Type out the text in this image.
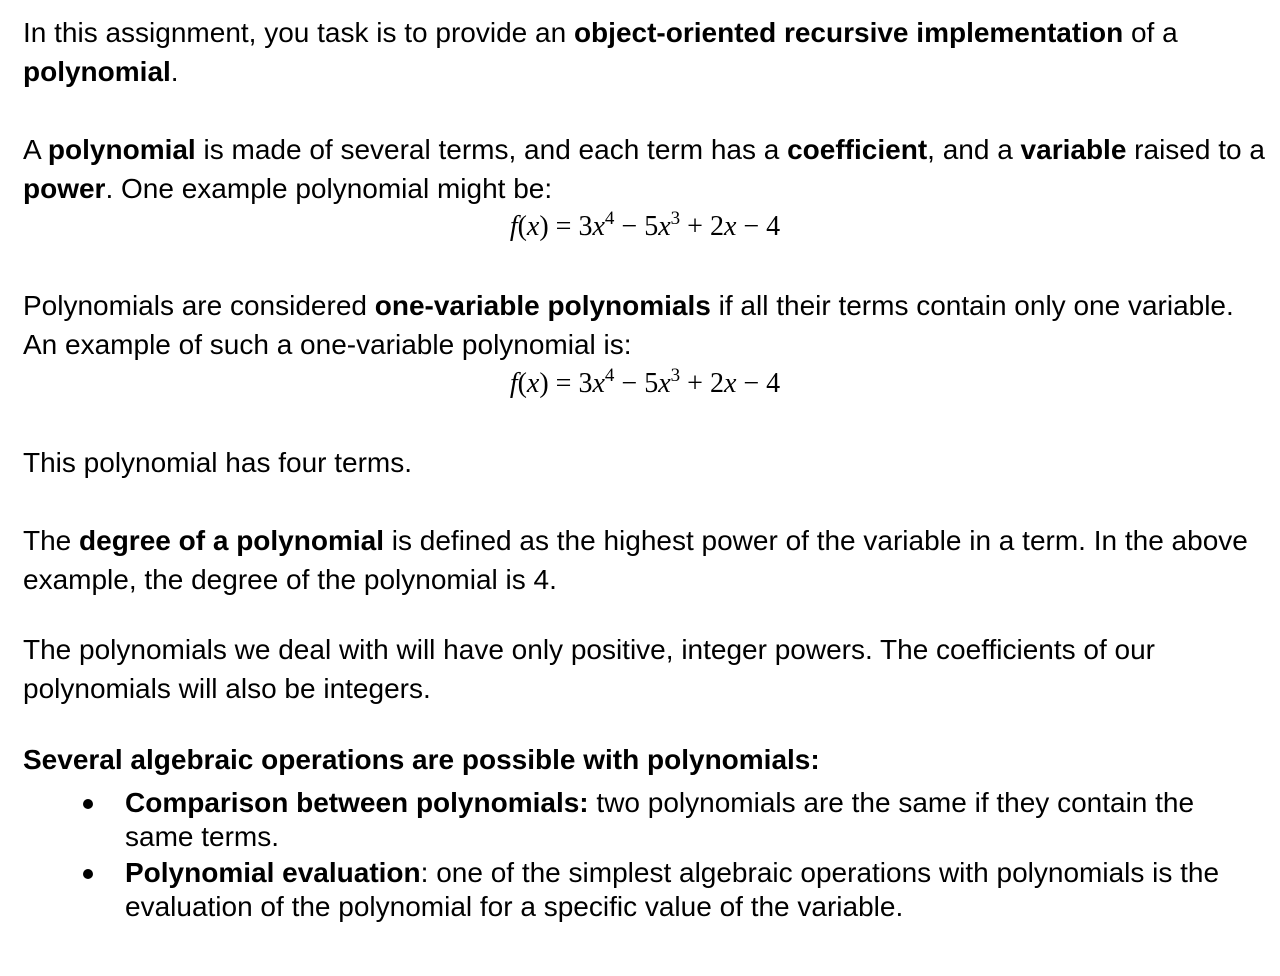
In this assignment, you task is to provide an object-oriented recursive implementation of a polynomial.

A polynomial is made of several terms, and each term has a coefficient, and a variable raised to a power. One example polynomial might be:

$f(x) = 3x^4 - 5x^3 + 2x - 4$

Polynomials are considered one-variable polynomials if all their terms contain only one variable. An example of such a one-variable polynomial is:

$f(x) = 3x^4 - 5x^3 + 2x - 4$

This polynomial has four terms.

The degree of a polynomial is defined as the highest power of the variable in a term. In the above example, the degree of the polynomial is 4.

The polynomials we deal with will have only positive, integer powers. The coefficients of our polynomials will also be integers.

Several algebraic operations are possible with polynomials:

Comparison between polynomials: two polynomials are the same if they contain the same terms.
Polynomial evaluation: one of the simplest algebraic operations with polynomials is the evaluation of the polynomial for a specific value of the variable.
